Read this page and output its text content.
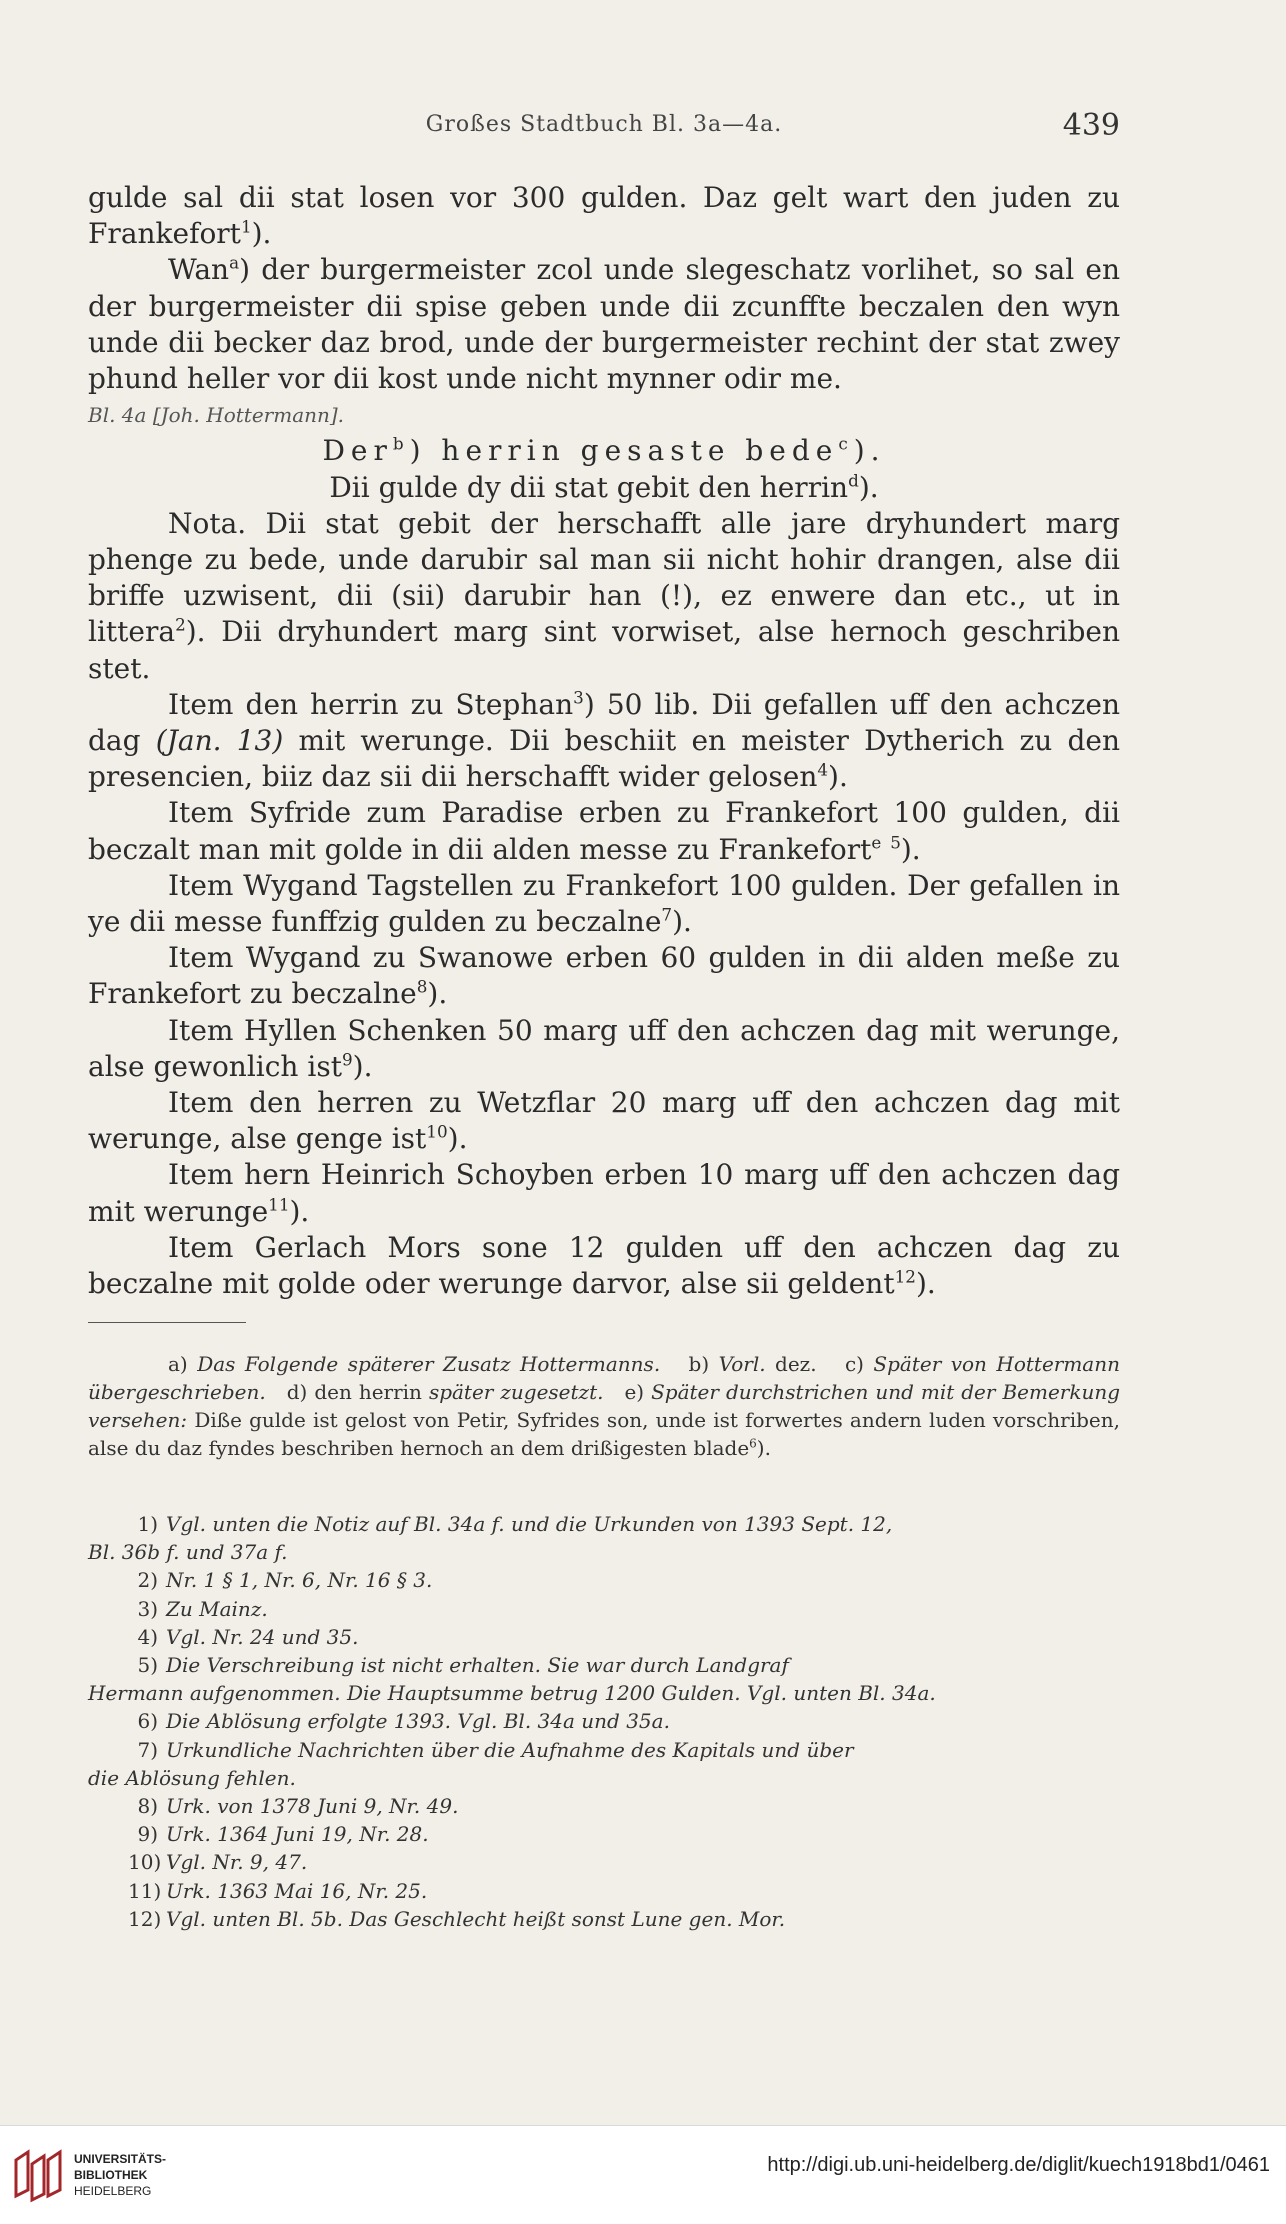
Großes Stadtbuch Bl. 3a—4a.	439

gulde sal dii stat losen vor 300 gulden. Daz gelt wart den juden zu Frankefort$^1$).

Wan$^a$) der burgermeister zcol unde slegeschatz vorlihet, so sal en der burgermeister dii spise geben unde dii zcunffte beczalen den wyn unde dii becker daz brod, unde der burgermeister rechint der stat zwey phund heller vor dii kost unde nicht mynner odir me.

Bl. 4a [Joh. Hottermann].

Der$^b$) herrin gesaste bede$^c$).

Dii gulde dy dii stat gebit den herrin$^d$).

Nota. Dii stat gebit der herschafft alle jare dryhundert marg phenge zu bede, unde darubir sal man sii nicht hohir drangen, alse dii briffe uzwisent, dii (sii) darubir han (!), ez enwere dan etc., ut in littera$^2$). Dii dryhundert marg sint vorwiset, alse hernoch geschriben stet.

Item den herrin zu Stephan$^3$) 50 lib. Dii gefallen uff den achczen dag (Jan. 13) mit werunge. Dii beschiit en meister Dytherich zu den presencien, biiz daz sii dii herschafft wider gelosen$^4$).

Item Syfride zum Paradise erben zu Frankefort 100 gulden, dii beczalt man mit golde in dii alden messe zu Frankefort$^e$ $^5$).

Item Wygand Tagstellen zu Frankefort 100 gulden. Der gefallen in ye dii messe funffzig gulden zu beczalne$^7$).

Item Wygand zu Swanowe erben 60 gulden in dii alden meße zu Frankefort zu beczalne$^8$).

Item Hyllen Schenken 50 marg uff den achczen dag mit werunge, alse gewonlich ist$^9$).

Item den herren zu Wetzflar 20 marg uff den achczen dag mit werunge, alse genge ist$^{10}$).

Item hern Heinrich Schoyben erben 10 marg uff den achczen dag mit werunge$^{11}$).

Item Gerlach Mors sone 12 gulden uff den achczen dag zu beczalne mit golde oder werunge darvor, alse sii geldent$^{12}$).

a) Das Folgende späterer Zusatz Hottermanns. b) Vorl. dez. c) Später von Hottermann übergeschrieben. d) den herrin später zugesetzt. e) Später durchstrichen und mit der Bemerkung versehen: Diße gulde ist gelost von Petir, Syfrides son, unde ist forwertes andern luden vorschriben, alse du daz fyndes beschriben hernoch an dem drißigesten blade$^6$).

1) Vgl. unten die Notiz auf Bl. 34a f. und die Urkunden von 1393 Sept. 12,

Bl. 36b f. und 37a f.

2) Nr. 1 § 1, Nr. 6, Nr. 16 § 3.

3) Zu Mainz.

4) Vgl. Nr. 24 und 35.

5) Die Verschreibung ist nicht erhalten. Sie war durch Landgraf

Hermann aufgenommen. Die Hauptsumme betrug 1200 Gulden. Vgl. unten Bl. 34a.

6) Die Ablösung erfolgte 1393. Vgl. Bl. 34a und 35a.

7) Urkundliche Nachrichten über die Aufnahme des Kapitals und über

die Ablösung fehlen.

8) Urk. von 1378 Juni 9, Nr. 49.

9) Urk. 1364 Juni 19, Nr. 28.

10) Vgl. Nr. 9, 47.

11) Urk. 1363 Mai 16, Nr. 25.

12) Vgl. unten Bl. 5b. Das Geschlecht heißt sonst Lune gen. Mor.

UNIVERSITÄTS-
BIBLIOTHEK
HEIDELBERG
http://digi.ub.uni-heidelberg.de/diglit/kuech1918bd1/0461
